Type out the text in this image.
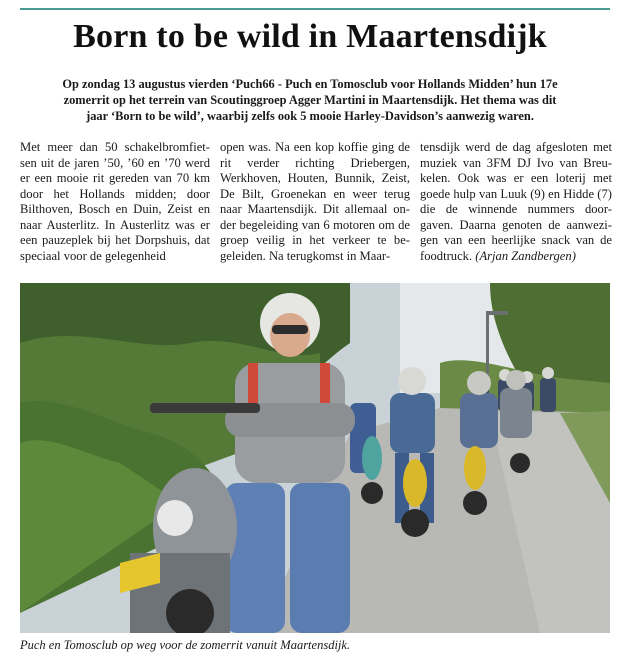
Born to be wild in Maartensdijk
Op zondag 13 augustus vierden ‘Puch66 - Puch en Tomosclub voor Hollands Midden’ hun 17e zomerrit op het terrein van Scoutinggroep Agger Martini in Maartensdijk. Het thema was dit jaar ‘Born to be wild’, waarbij zelfs ook 5 mooie Harley-Davidson’s aanwezig waren.

Met meer dan 50 schakelbromfiet-sen uit de jaren ’50, ’60 en ’70 werd er een mooie rit gereden van 70 km door het Hollands midden; door Bilthoven, Bosch en Duin, Zeist en naar Austerlitz. In Austerlitz was er een pauzeplek bij het Dorpshuis, dat speciaal voor de gelegenheid

open was. Na een kop koffie ging de rit verder richting Driebergen, Werkhoven, Houten, Bunnik, Zeist, De Bilt, Groenekan en weer terug naar Maartensdijk. Dit allemaal on-der begeleiding van 6 motoren om de groep veilig in het verkeer te be-geleiden. Na terugkomst in Maar-

tensdijk werd de dag afgesloten met muziek van 3FM DJ Ivo van Breu-kelen. Ook was er een loterij met goede hulp van Luuk (9) en Hidde (7) die de winnende nummers door-gaven. Daarna genoten de aanwezi-gen van een heerlijke snack van de foodtruck. (Arjan Zandbergen)

Puch en Tomosclub op weg voor de zomerrit vanuit Maartensdijk.
